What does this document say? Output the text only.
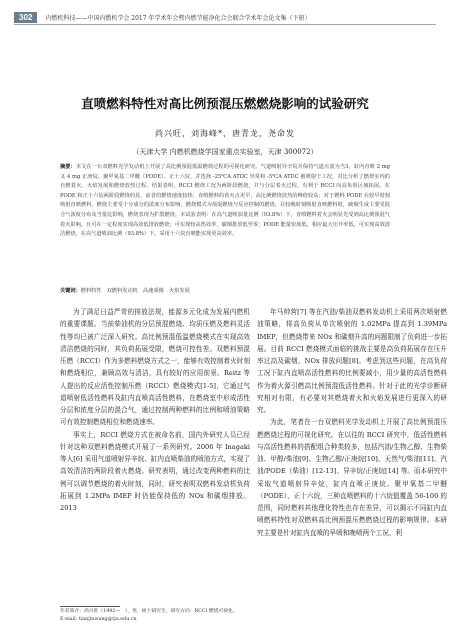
302	内燃机科技——中国内燃机学会 2017 年学术年会暨内燃节能净化合会联合学术年会论文集（下册）
直喷燃料特性对高比例预混压燃燃烧影响的试验研究
尚兴旺，刘海峰*，唐青龙，尧命发
（天津大学 内燃机燃烧学国家重点实验室，天津 300072）
摘要：本文在一台双燃料光学发动机上开展了高比例预混低温燃烧过程的可视化研究。气道喷射异辛烷并保持气道点量为当3，缸内直喷 2 mg 又 4 mg 正庚烷、聚甲氧基二甲醚（PODE）、正十六烷，并选择 -25℃A ATDC 异常和 -5℃A ATDC 被喷射于工况，对比分析了燃烧室内的自燃着火、火焰发展和燃烧放热过程。结果表明，RCCI 燃烧工况为两阶段燃烧，并与分层着火过程，有利于 RCCI 向高负荷区域拓展，在 PODE 和正十六烷两阶段燃烧的显，前者的燃烧速度较快；直喷燃料的着火点更早，高比例燃烧放热的峰值较高；对于燃料 PODE 在较早时刻喷射直喷燃料，燃烧主要受十分成分的浓度分布影响，燃烧模式为预混燃烧与反应控制的燃烧，在较晚时刻喷射直喷燃料时，碳烟生成主要受混合气浓度分布及当量比影响，燃烧表现为扩散燃烧。本试验表明：在高气道喷油量比例（93.8%）下，直喷燃料着火会明显先受到高比例预混气着火影响，且可在一定程度实现高效低排放燃烧；可实现较高热效率，碳烟排放低至零；PODE 能量密度低，相应最大压升率低，可实现高效清洁燃烧，在高气道喷油比例（93.8%）下，采用十六烷直喷能实现更高效率。
关键词：燃料特性　双燃料发动机　高速成像　火焰发展

为了满足日益严苛的排放法规，能源多元化成为发展内燃机的重要课题。当前柴油机的分层预混燃烧、均质压燃及燃料灵活性等均已被广泛深入研究。高比例预混低温燃烧模式在实现高效清洁燃烧的同时，其负荷拓展受限，燃烧可控性差。双燃料预混压燃（RCCI）作为多燃料燃烧方式之一，能够有效控制着火时刻和燃烧相位，兼顾高效与清洁，具有较好的应用前景。Reitz 等人提出的反应活性控制压燃（RCCI）燃烧模式[1-5]，它通过气道喷射低活性燃料及缸内直喷高活性燃料，在燃烧室中形成活性分层和浓度分层的混合气，通过控制两种燃料的比例和喷油策略可有效控制燃烧相位和燃烧速率。

事实上，RCCI 燃烧方式在被命名前，国内外研究人员已经针对这种双燃料燃烧模式开展了一系列研究。2006 年 Inagaki 等人[6] 采用气道喷射异辛烷、缸内直喷柴油的喷油方式，实现了高效清洁的两阶段着火燃烧。研究表明，通过改变两种燃料的比例可以调节燃烧的着火时刻，同时，研究表明双燃料发动机负荷拓展到 1.2MPa IMEP 时仍能保持低的 NOx 和碳烟排放。2013

年马帅营[7] 等在汽油/柴油双燃料发动机上采用两次喷射燃油策略，将高负荷从单次喷射的 1.02MPa 提高到 1.39MPa IMEP，但燃烧带来 NOx 和碳烟升高的问题限制了负荷进一步拓展。目前 RCCI 燃烧模式面临的挑战主要是高负荷拓展存在压升率过高及碳烟、NOx 排放问题[8]。考虑到这些问题，在高负荷工况下缸内直喷高活性燃料的比例要减小，用少量的高活性燃料作为着火源引燃高比例预混低活性燃料。针对于此的光学诊断研究相对有限，有必要对其燃烧着火和火焰发展进行更深入的研究。

为此，笔者在一台双燃料光学发动机上开展了高比例预混压燃燃烧过程的可视化研究。在以往的 RCCI 研究中，低活性燃料与高活性燃料的搭配组合种类较多，包括汽油/生物乙醇、生物柴油、甲醇/柴油[9]、生物乙醇/正庚烷[10]、天然气/柴油[11]、汽油/PODE（柴油）[12-13]、异辛烷/正庚烷[14] 等。而本研究中采取气道喷射异辛烷，缸内直喷正庚烷、聚甲氧基二甲醚（PODE）、正十六烷，三种直喷燃料的十六烷值覆盖 56-100 的范围，同时燃料其他理化特性也存在差异，可以揭示不同缸内直喷燃料特性对双燃料高比例预混压燃燃烧过程的影响规律。本研究主要是针对缸内直喷的早喷和晚喷两个工况，利

作者简介：尚兴旺（1992—　），男，硕士研究生，研究方向：RCCI 燃烧可视化。
E-mail: tianjinwang@tju.edu.cn
